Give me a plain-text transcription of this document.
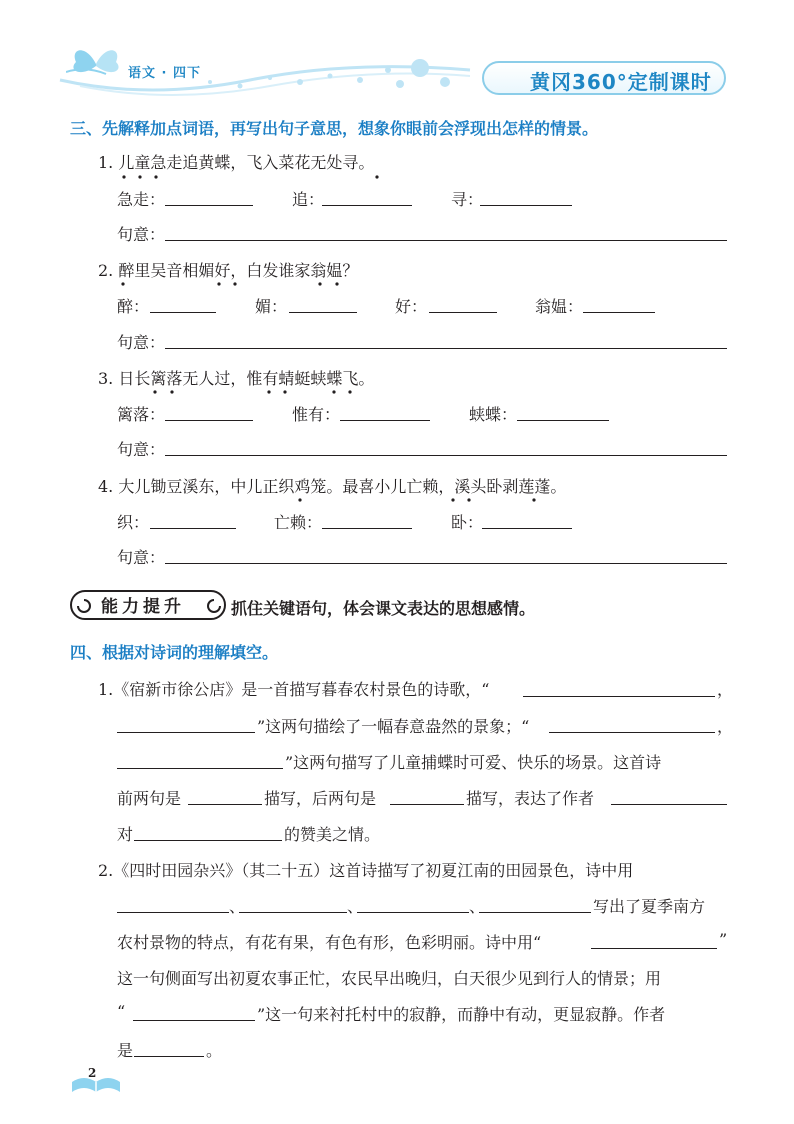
语文 · 四下	黄冈360°定制课时
三、先解释加点词语，再写出句子意思，想象你眼前会浮现出怎样的情景。
1. 儿童急走追黄蝶，飞入菜花无处寻。
急走：	追：	寻：
句意：
2. 醉里吴音相媚好，白发谁家翁媪？
醉：	媚：	好：	翁媪：
句意：
3. 日长篱落无人过，惟有蜻蜓蛱蝶飞。
篱落：	惟有：	蛱蝶：
句意：
4. 大儿锄豆溪东，中儿正织鸡笼。最喜小儿亡赖，溪头卧剥莲蓬。
织：	亡赖：	卧：
句意：
能力提升	抓住关键语句，体会课文表达的思想感情。
四、根据对诗词的理解填空。
1.《宿新市徐公店》是一首描写暮春农村景色的诗歌，“	，
”这两句描绘了一幅春意盎然的景象；“	，
”这两句描写了儿童捕蝶时可爱、快乐的场景。这首诗
前两句是	描写，后两句是	描写，表达了作者
对	的赞美之情。
2.《四时田园杂兴》（其二十五）这首诗描写了初夏江南的田园景色，诗中用
、	、	、	写出了夏季南方
农村景物的特点，有花有果，有色有形，色彩明丽。诗中用“	”
这一句侧面写出初夏农事正忙，农民早出晚归，白天很少见到行人的情景；用
“	”这一句来衬托村中的寂静，而静中有动，更显寂静。作者
是	。
2
